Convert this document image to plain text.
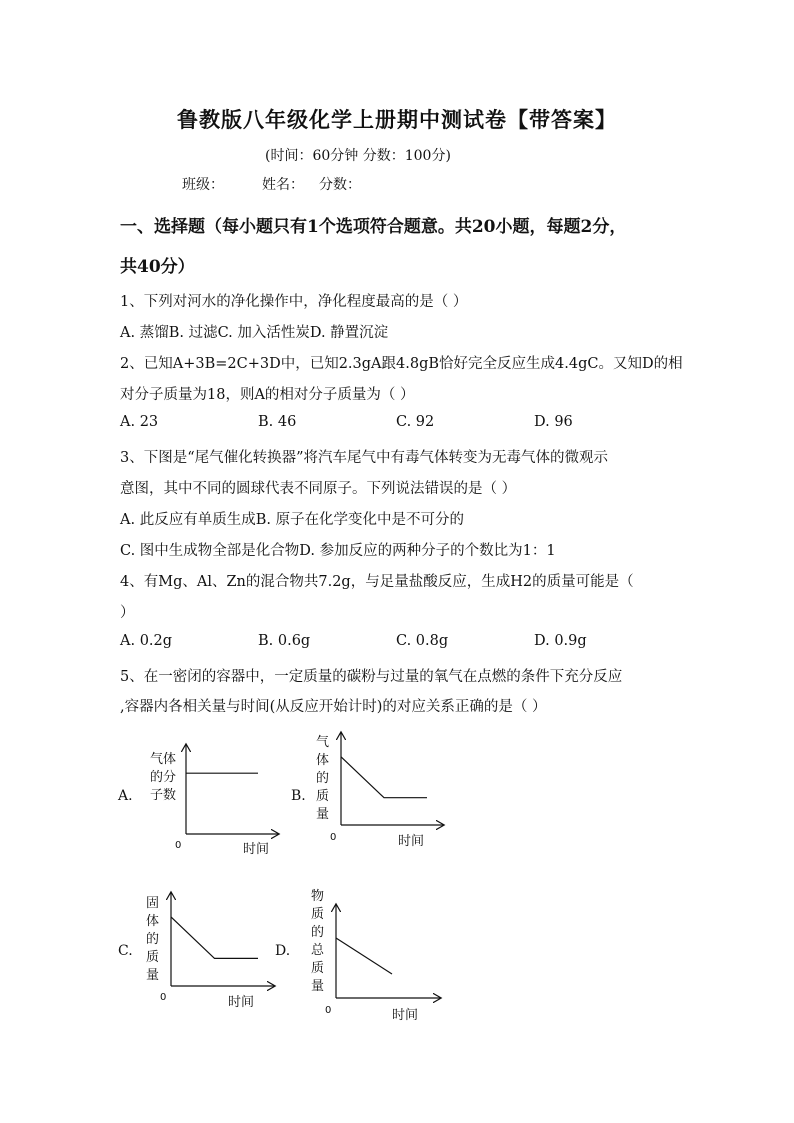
鲁教版八年级化学上册期中测试卷【带答案】
(时间：60分钟 分数：100分)
班级：	姓名： 分数：
一、选择题（每小题只有1个选项符合题意。共20小题，每题2分，
共40分）
1、下列对河水的净化操作中，净化程度最高的是（ ）
A. 蒸馏B. 过滤C. 加入活性炭D. 静置沉淀
2、已知A+3B=2C+3D中，已知2.3gA跟4.8gB恰好完全反应生成4.4gC。又知D的相
对分子质量为18，则A的相对分子质量为（ ）
A. 23	B. 46	C. 92	D. 96
3、下图是“尾气催化转换器”将汽车尾气中有毒气体转变为无毒气体的微观示
意图，其中不同的圆球代表不同原子。下列说法错误的是（ ）
A. 此反应有单质生成B. 原子在化学变化中是不可分的
C. 图中生成物全部是化合物D. 参加反应的两种分子的个数比为1：1
4、有Mg、Al、Zn的混合物共7.2g，与足量盐酸反应，生成H2的质量可能是（
）
A. 0.2g	B. 0.6g	C. 0.8g	D. 0.9g
5、在一密闭的容器中，一定质量的碳粉与过量的氧气在点燃的条件下充分反应
,容器内各相关量与时间(从反应开始计时)的对应关系正确的是（ ）
A.
气体
的分
子数
0	时间
B.
气
体
的
质
量
0	时间
C.
固
体
的
质
量
0	时间
D.
物
质
的
总
质
量
0	时间
